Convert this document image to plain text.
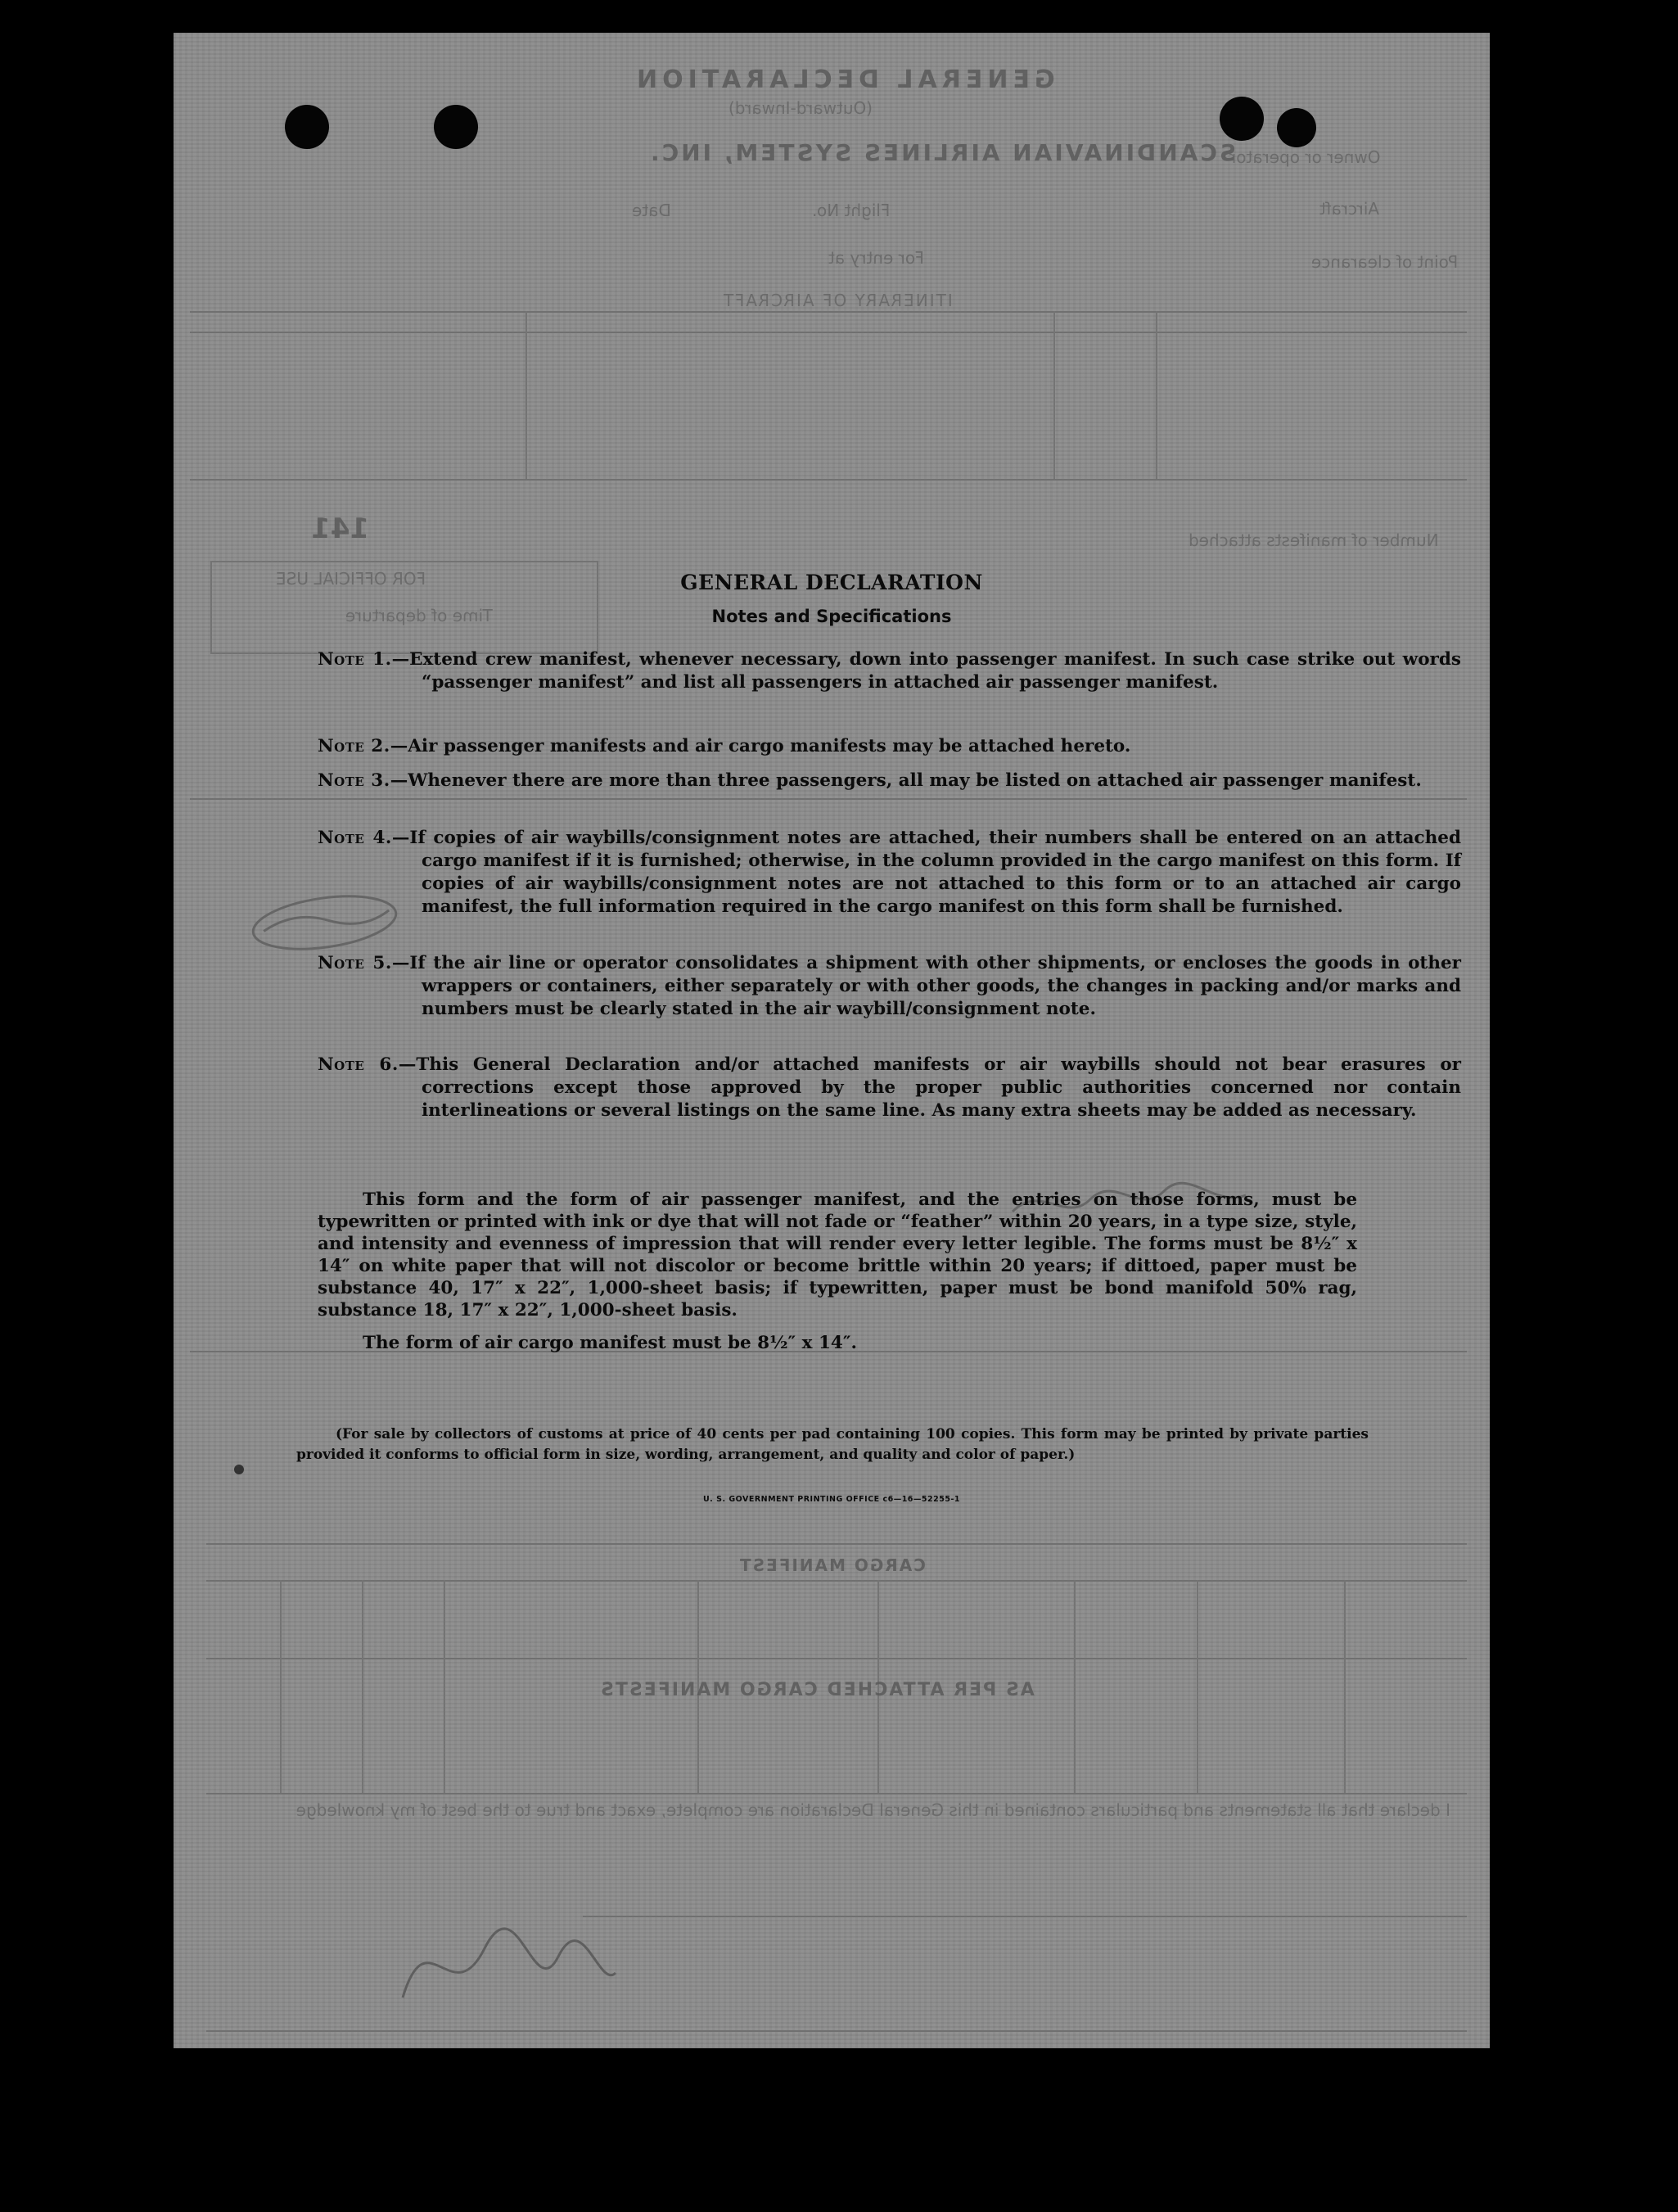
GENERAL DECLARATION
(Outward-Inward)
SCANDINAVIAN AIRLINES SYSTEM, INC.
Owner or operator
Aircraft
Flight No.
Date
Point of clearance
For entry at
ITINERARY OF AIRCRAFT
141	Number of manifests attached
FOR OFFICIAL USE
Time of departure
CARGO MANIFEST
AS PER ATTACHED CARGO MANIFESTS
I declare that all statements and particulars contained in this General Declaration are complete, exact and true to the best of my knowledge
GENERAL DECLARATION
Notes and Specifications
Note 1.—Extend crew manifest, whenever necessary, down into passenger manifest. In such case strike out words “passenger manifest” and list all passengers in attached air passenger manifest.
Note 2.—Air passenger manifests and air cargo manifests may be attached hereto.
Note 3.—Whenever there are more than three passengers, all may be listed on attached air passenger manifest.
Note 4.—If copies of air waybills/consignment notes are attached, their numbers shall be entered on an attached cargo manifest if it is furnished; otherwise, in the column provided in the cargo manifest on this form. If copies of air waybills/consignment notes are not attached to this form or to an attached air cargo manifest, the full information required in the cargo manifest on this form shall be furnished.
Note 5.—If the air line or operator consolidates a shipment with other shipments, or encloses the goods in other wrappers or containers, either separately or with other goods, the changes in packing and/or marks and numbers must be clearly stated in the air waybill/consignment note.
Note 6.—This General Declaration and/or attached manifests or air waybills should not bear erasures or corrections except those approved by the proper public authorities concerned nor contain interlineations or several listings on the same line. As many extra sheets may be added as necessary.
This form and the form of air passenger manifest, and the entries on those forms, must be typewritten or printed with ink or dye that will not fade or “feather” within 20 years, in a type size, style, and intensity and evenness of impression that will render every letter legible. The forms must be 8½″ x 14″ on white paper that will not discolor or become brittle within 20 years; if dittoed, paper must be substance 40, 17″ x 22″, 1,000-sheet basis; if typewritten, paper must be bond manifold 50% rag, substance 18, 17″ x 22″, 1,000-sheet basis.
The form of air cargo manifest must be 8½″ x 14″.
(For sale by collectors of customs at price of 40 cents per pad containing 100 copies. This form may be printed by private parties provided it conforms to official form in size, wording, arrangement, and quality and color of paper.)
U. S. GOVERNMENT PRINTING OFFICE c6—16—52255-1
